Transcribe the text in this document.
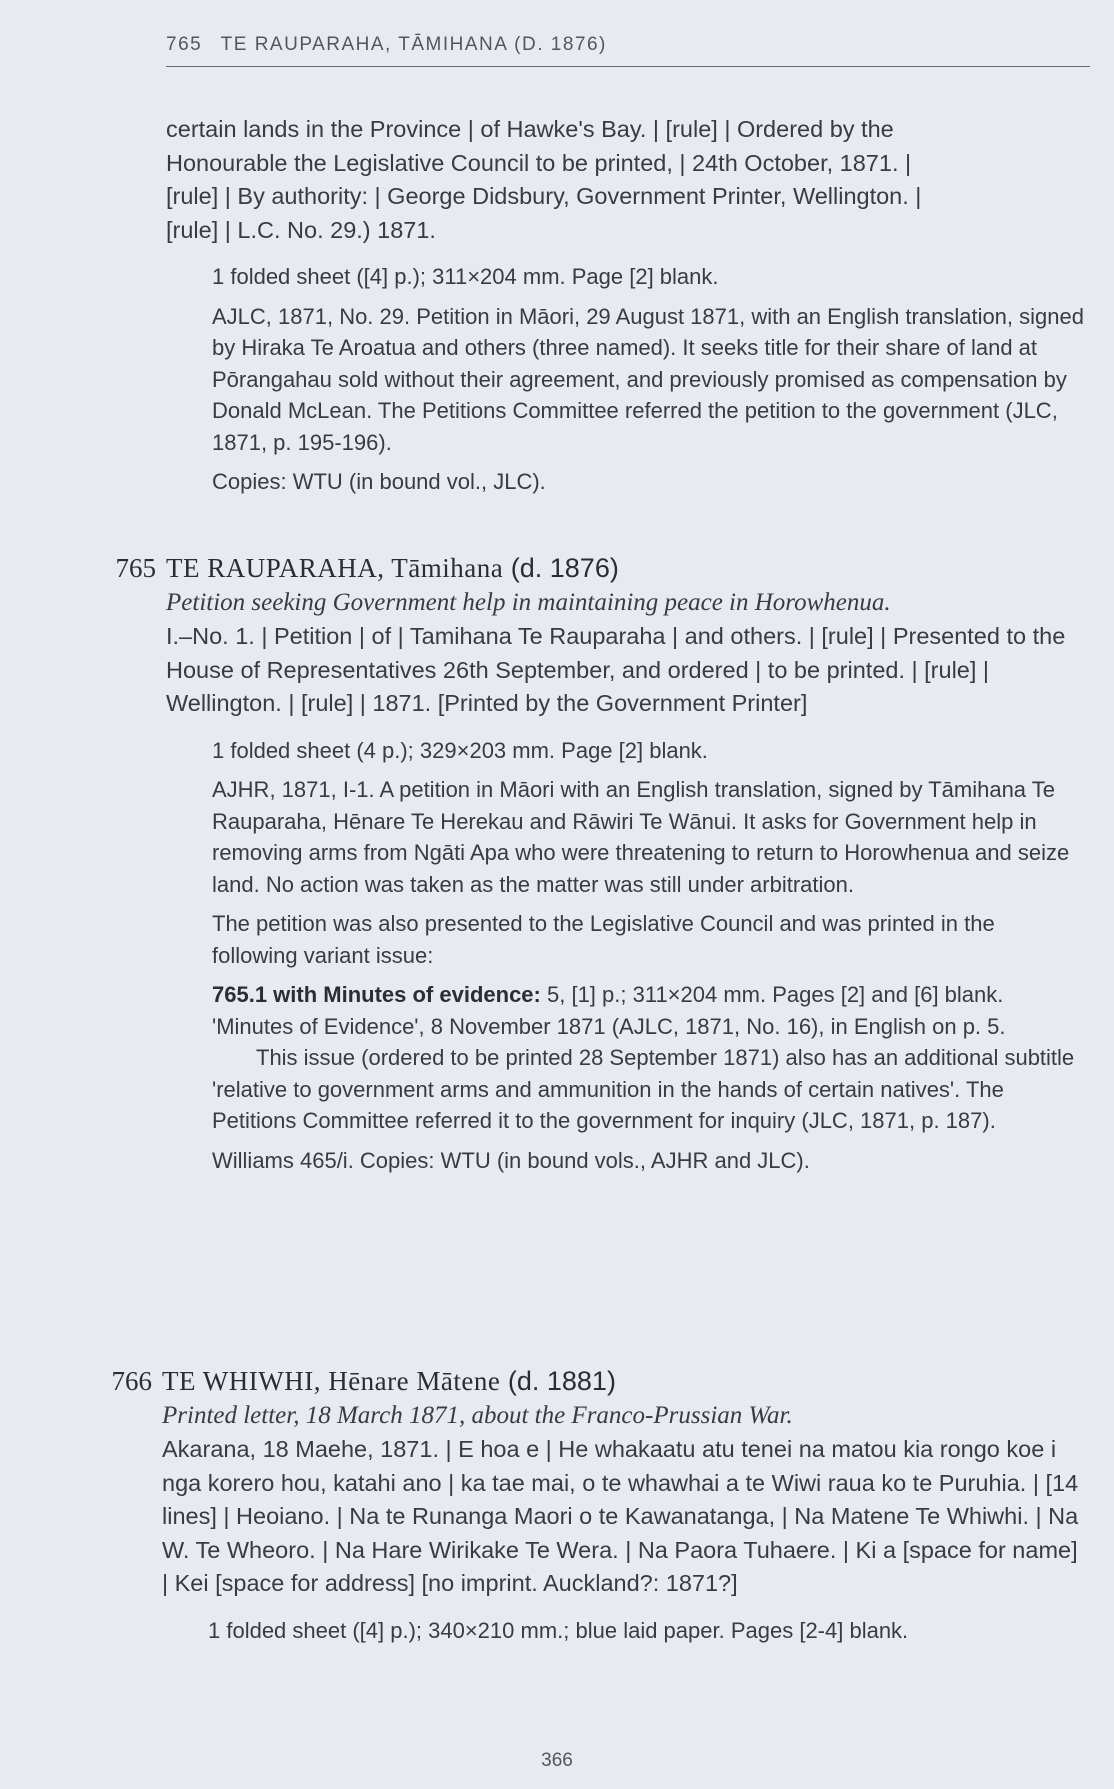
765 TE RAUPARAHA, TĀMIHANA (D. 1876)

certain lands in the Province | of Hawke's Bay. | [rule] | Ordered by the

Honourable the Legislative Council to be printed, | 24th October, 1871. |

[rule] | By authority: | George Didsbury, Government Printer, Wellington. |

[rule] | L.C. No. 29.) 1871.

1 folded sheet ([4] p.); 311×204 mm. Page [2] blank.

AJLC, 1871, No. 29. Petition in Māori, 29 August 1871, with an English translation, signed by Hiraka Te Aroatua and others (three named). It seeks title for their share of land at Pōrangahau sold without their agreement, and previously promised as compensation by Donald McLean. The Petitions Committee referred the petition to the government (JLC, 1871, p. 195-196).

Copies: WTU (in bound vol., JLC).

765 TE RAUPARAHA, Tāmihana (d. 1876)

Petition seeking Government help in maintaining peace in Horowhenua.

I.–No. 1. | Petition | of | Tamihana Te Rauparaha | and others. | [rule] | Presented to the House of Representatives 26th September, and ordered | to be printed. | [rule] | Wellington. | [rule] | 1871. [Printed by the Government Printer]

1 folded sheet (4 p.); 329×203 mm. Page [2] blank.

AJHR, 1871, I-1. A petition in Māori with an English translation, signed by Tāmihana Te Rauparaha, Hēnare Te Herekau and Rāwiri Te Wānui. It asks for Government help in removing arms from Ngāti Apa who were threatening to return to Horowhenua and seize land. No action was taken as the matter was still under arbitration.

The petition was also presented to the Legislative Council and was printed in the following variant issue:

765.1 with Minutes of evidence: 5, [1] p.; 311×204 mm. Pages [2] and [6] blank. 'Minutes of Evidence', 8 November 1871 (AJLC, 1871, No. 16), in English on p. 5.

This issue (ordered to be printed 28 September 1871) also has an additional subtitle 'relative to government arms and ammunition in the hands of certain natives'. The Petitions Committee referred it to the government for inquiry (JLC, 1871, p. 187).

Williams 465/i. Copies: WTU (in bound vols., AJHR and JLC).

766 TE WHIWHI, Hēnare Mātene (d. 1881)

Printed letter, 18 March 1871, about the Franco-Prussian War.

Akarana, 18 Maehe, 1871. | E hoa e | He whakaatu atu tenei na matou kia rongo koe i nga korero hou, katahi ano | ka tae mai, o te whawhai a te Wiwi raua ko te Puruhia. | [14 lines] | Heoiano. | Na te Runanga Maori o te Kawanatanga, | Na Matene Te Whiwhi. | Na W. Te Wheoro. | Na Hare Wirikake Te Wera. | Na Paora Tuhaere. | Ki a [space for name] | Kei [space for address] [no imprint. Auckland?: 1871?]

1 folded sheet ([4] p.); 340×210 mm.; blue laid paper. Pages [2-4] blank.

366
